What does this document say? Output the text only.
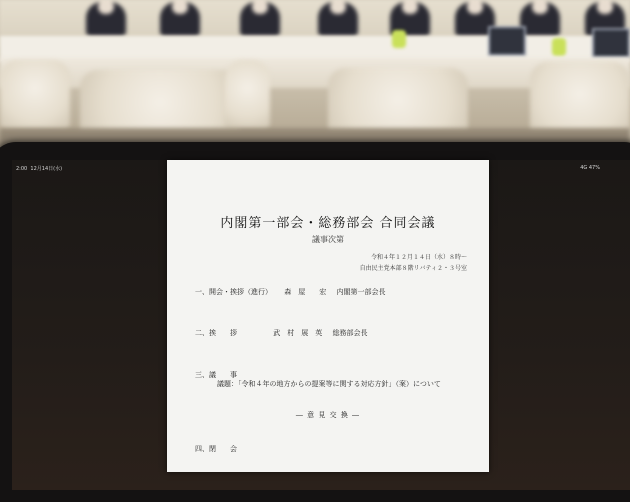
2:00 12月14日(水)	4G 47%
内閣第一部会・総務部会 合同会議
議事次第
令和４年１２月１４日（水）８時～
自由民主党本部８階リバティ２・３号室
一、開会・挨拶（進行） 森　屋　　宏 内閣第一部会長
二、挨　　拶	武　村　展　英 総務部会長
三、議　　事
議題：「令和４年の地方からの提案等に関する対応方針」（案）について
― 意 見 交 換 ―
四、閉　　会
